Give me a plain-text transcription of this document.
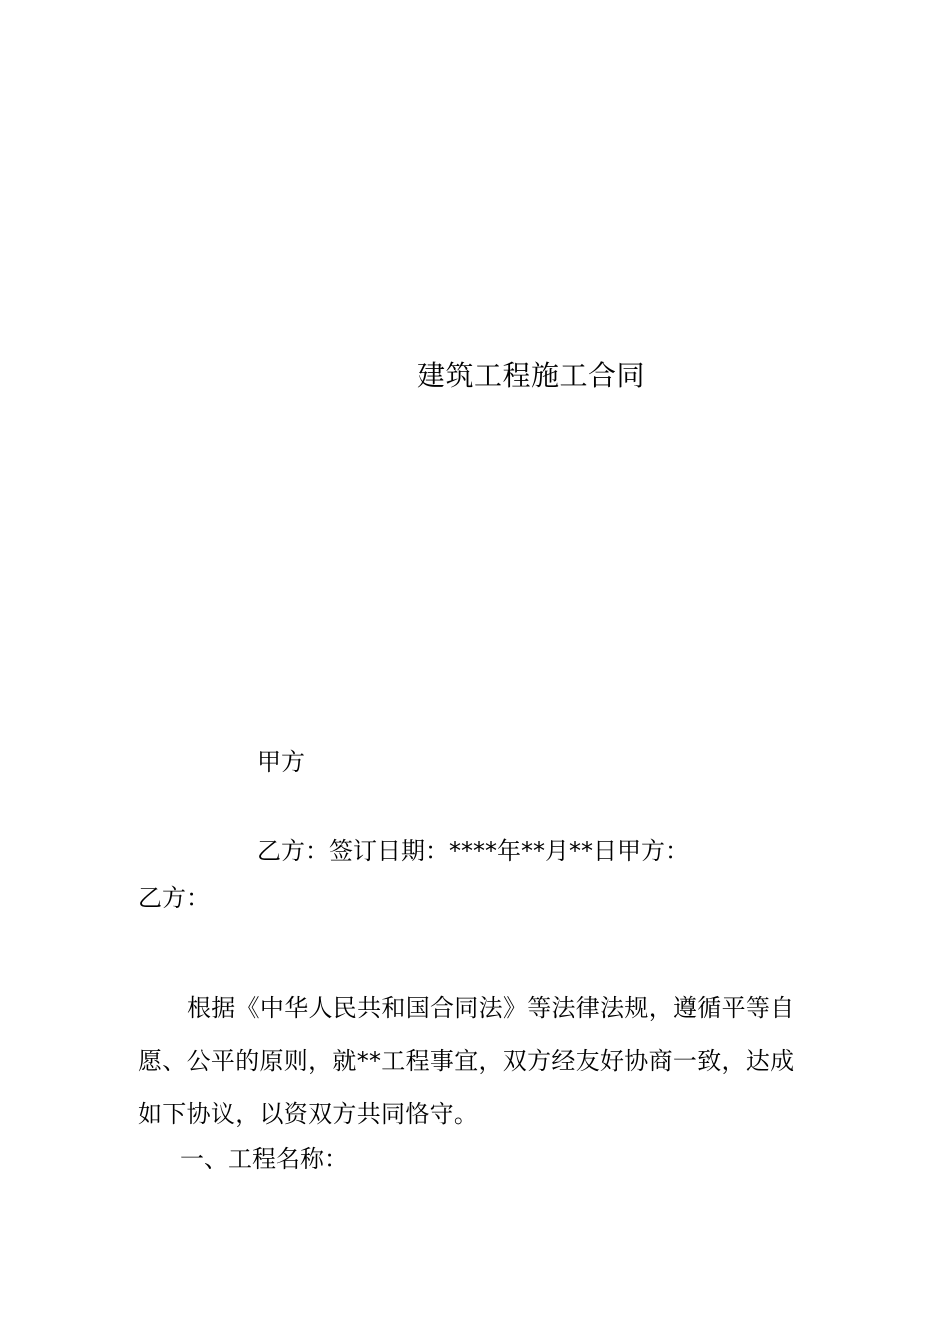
建筑工程施工合同
甲方
乙方：签订日期：****年**月**日甲方：
乙方：
根据《中华人民共和国合同法》等法律法规，遵循平等自愿、公平的原则，就**工程事宜，双方经友好协商一致，达成如下协议，以资双方共同恪守。
一、工程名称：
